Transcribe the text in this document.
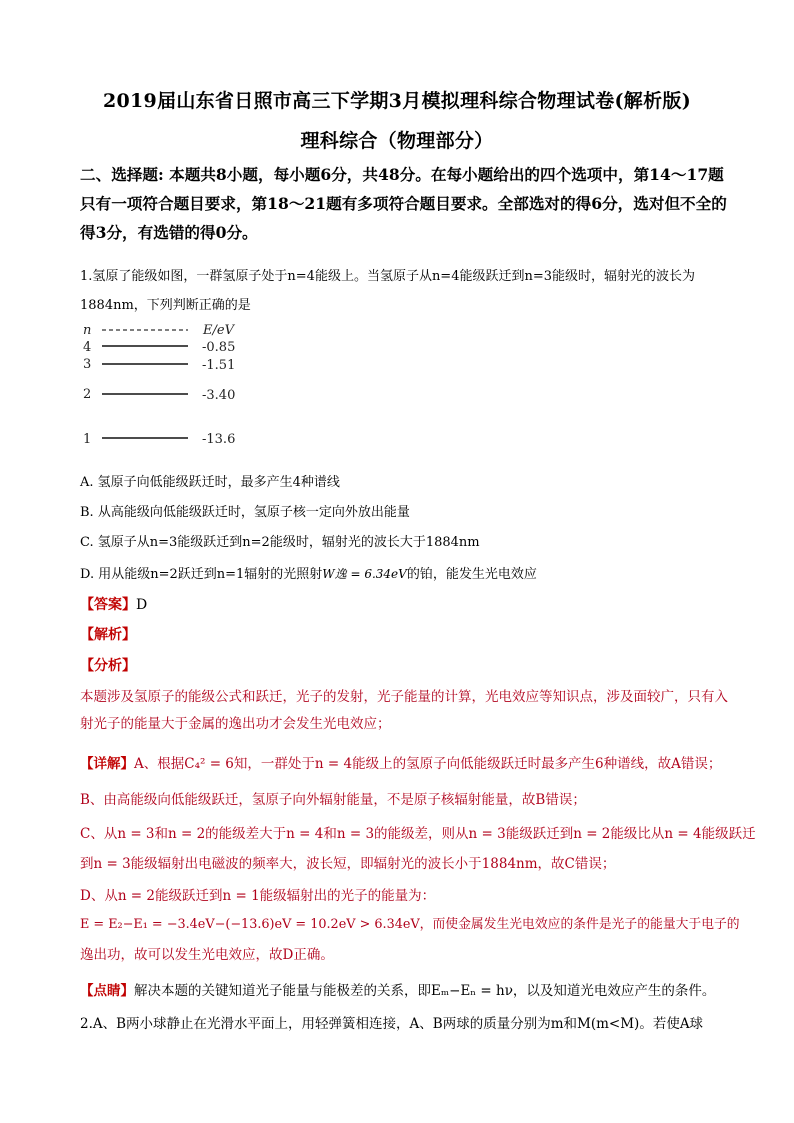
2019届山东省日照市高三下学期3月模拟理科综合物理试卷(解析版)
理科综合（物理部分）
二、选择题: 本题共8小题，每小题6分，共48分。在每小题给出的四个选项中，第14～17题只有一项符合题目要求，第18～21题有多项符合题目要求。全部选对的得6分，选对但不全的得3分，有选错的得0分。
1.氢原了能级如图，一群氢原子处于n=4能级上。当氢原子从n=4能级跃迁到n=3能级时，辐射光的波长为1884nm，下列判断正确的是
n	E/eV
4	-0.85
3	-1.51
2	-3.40
1	-13.6
A. 氢原子向低能级跃迁时，最多产生4种谱线
B. 从高能级向低能级跃迁时，氢原子核一定向外放出能量
C. 氢原子从n=3能级跃迁到n=2能级时，辐射光的波长大于1884nm
D. 用从能级n=2跃迁到n=1辐射的光照射W逸 = 6.34eV的铂，能发生光电效应
【答案】D
【解析】
【分析】
本题涉及氢原子的能级公式和跃迁，光子的发射，光子能量的计算，光电效应等知识点，涉及面较广，只有入射光子的能量大于金属的逸出功才会发生光电效应；
【详解】A、根据C₄² = 6知，一群处于n = 4能级上的氢原子向低能级跃迁时最多产生6种谱线，故A错误；
B、由高能级向低能级跃迁，氢原子向外辐射能量，不是原子核辐射能量，故B错误；
C、从n = 3和n = 2的能级差大于n = 4和n = 3的能级差，则从n = 3能级跃迁到n = 2能级比从n = 4能级跃迁
到n = 3能级辐射出电磁波的频率大，波长短，即辐射光的波长小于1884nm，故C错误；
D、从n = 2能级跃迁到n = 1能级辐射出的光子的能量为：
E = E₂−E₁ = −3.4eV−(−13.6)eV = 10.2eV > 6.34eV，而使金属发生光电效应的条件是光子的能量大于电子的
逸出功，故可以发生光电效应，故D正确。
【点睛】解决本题的关键知道光子能量与能极差的关系，即Eₘ−Eₙ = hν，以及知道光电效应产生的条件。
2.A、B两小球静止在光滑水平面上，用轻弹簧相连接，A、B两球的质量分别为m和M(m<M)。若使A球
